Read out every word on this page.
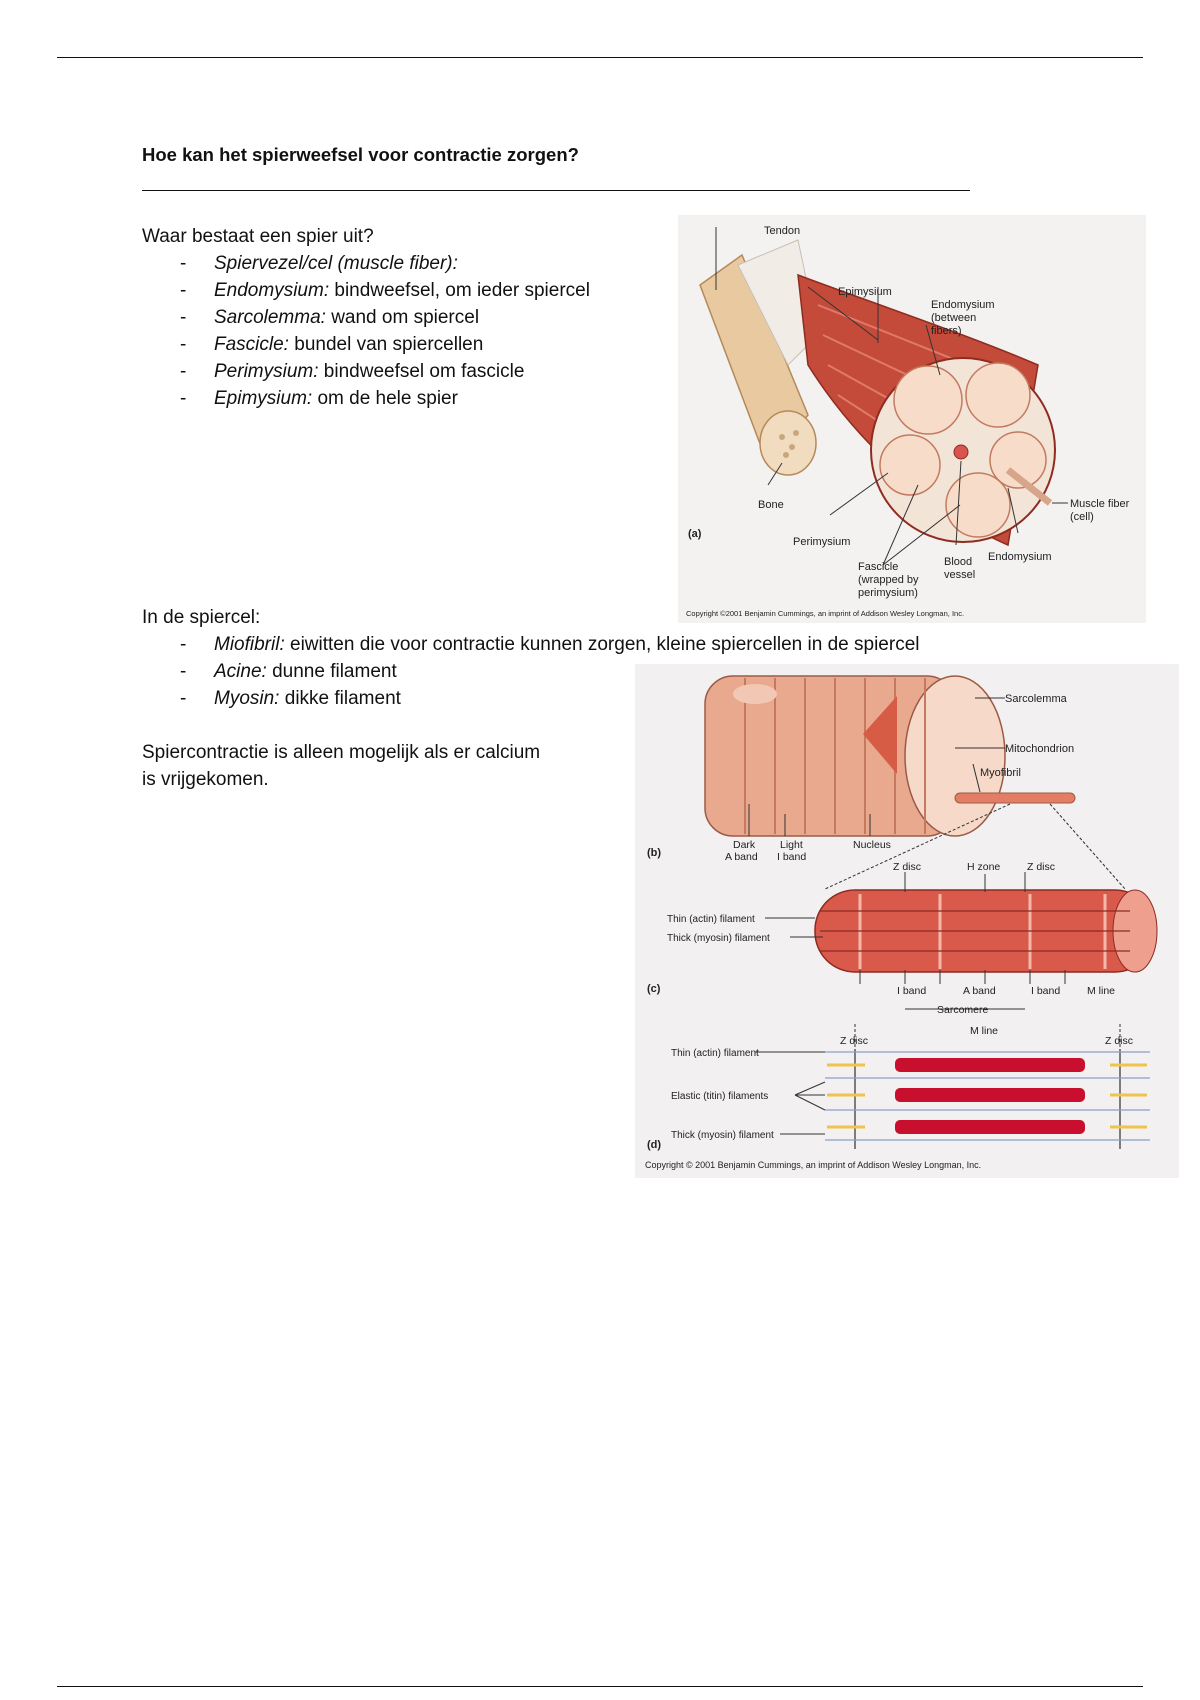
Hoe kan het spierweefsel voor contractie zorgen?
Waar bestaat een spier uit?
- Spiervezel/cel (muscle fiber):
- Endomysium: bindweefsel, om ieder spiercel
- Sarcolemma: wand om spiercel
- Fascicle: bundel van spiercellen
- Perimysium: bindweefsel om fascicle
- Epimysium: om de hele spier
In de spiercel:
- Miofibril: eiwitten die voor contractie kunnen zorgen, kleine spiercellen in de spiercel
- Acine: dunne filament
- Myosin: dikke filament
Spiercontractie is alleen mogelijk als er calcium
is vrijgekomen.
Tendon
Epimysium
Endomysium
(between
fibers)
Bone
(a)
Perimysium
Fascicle
(wrapped by
perimysium)
Blood
vessel
Endomysium
Muscle fiber
(cell)
Copyright ©2001 Benjamin Cummings, an imprint of Addison Wesley Longman, Inc.
Sarcolemma
Mitochondrion
Myofibril
(b)
Dark
A band
Light
I band
Nucleus
Z disc	H zone	Z disc
Thin (actin) filament
Thick (myosin) filament
(c)	I band	A band	I band	M line
Sarcomere
Z disc
M line
Z disc
Thin (actin) filament
Elastic (titin) filaments
Thick (myosin) filament
(d)
Copyright © 2001 Benjamin Cummings, an imprint of Addison Wesley Longman, Inc.
